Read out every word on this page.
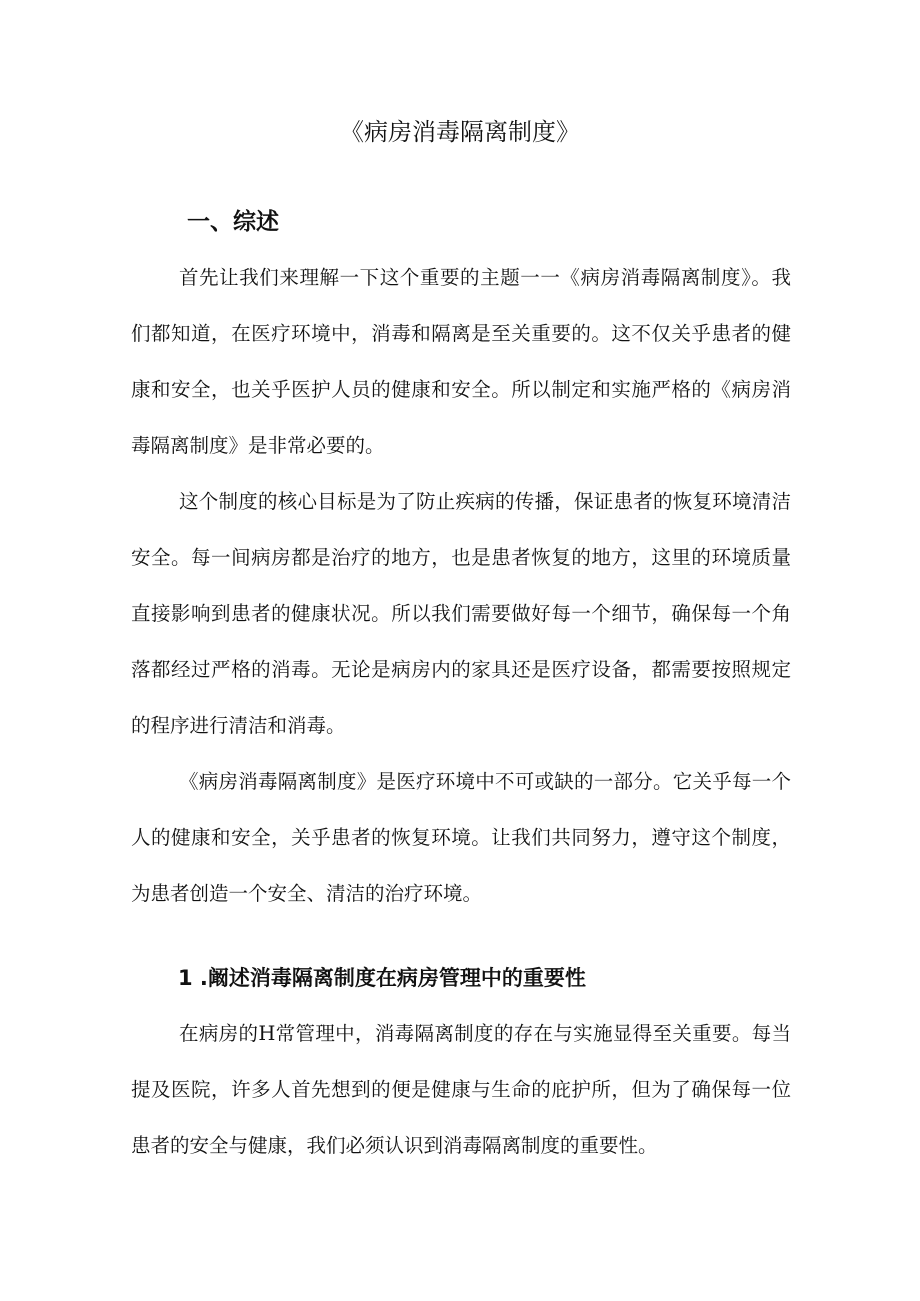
《病房消毒隔离制度》
一、综述

首先让我们来理解一下这个重要的主题一一《病房消毒隔离制度》。我们都知道，在医疗环境中，消毒和隔离是至关重要的。这不仅关乎患者的健康和安全，也关乎医护人员的健康和安全。所以制定和实施严格的《病房消毒隔离制度》是非常必要的。

这个制度的核心目标是为了防止疾病的传播，保证患者的恢复环境清洁安全。每一间病房都是治疗的地方，也是患者恢复的地方，这里的环境质量直接影响到患者的健康状况。所以我们需要做好每一个细节，确保每一个角落都经过严格的消毒。无论是病房内的家具还是医疗设备，都需要按照规定的程序进行清洁和消毒。

《病房消毒隔离制度》是医疗环境中不可或缺的一部分。它关乎每一个人的健康和安全，关乎患者的恢复环境。让我们共同努力，遵守这个制度，为患者创造一个安全、清洁的治疗环境。

1 .阚述消毒隔离制度在病房管理中的重要性

在病房的H常管理中，消毒隔离制度的存在与实施显得至关重要。每当提及医院，许多人首先想到的便是健康与生命的庇护所，但为了确保每一位患者的安全与健康，我们必须认识到消毒隔离制度的重要性。
